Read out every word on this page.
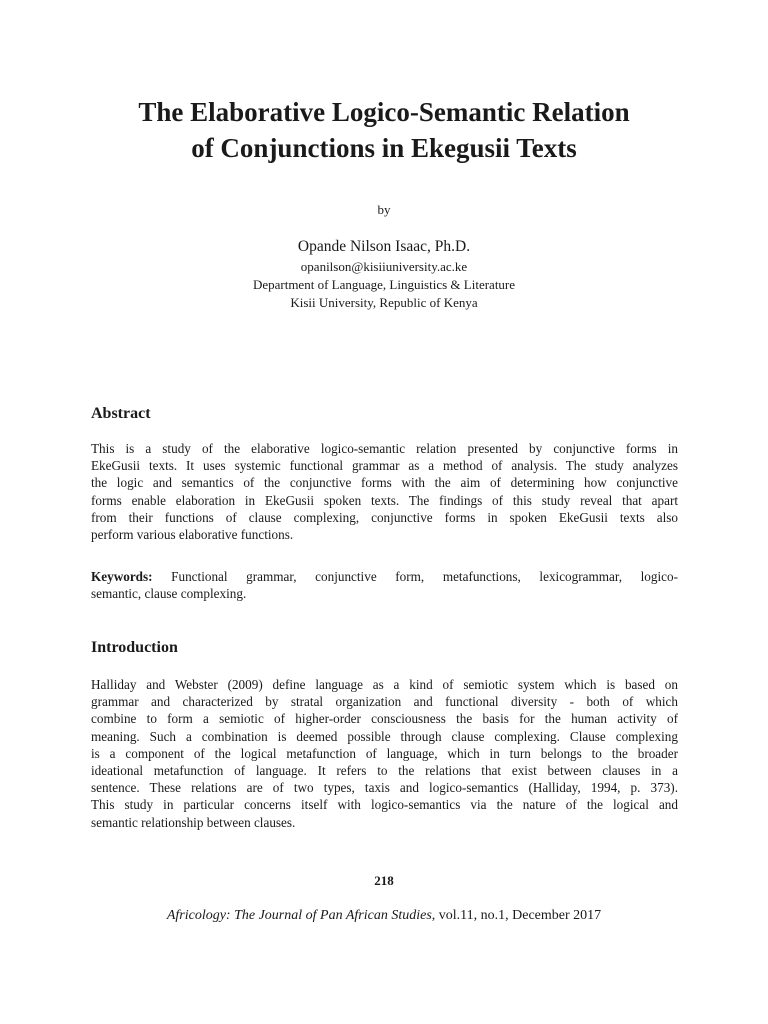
The Elaborative Logico-Semantic Relation
of Conjunctions in Ekegusii Texts
by
Opande Nilson Isaac, Ph.D.
opanilson@kisiiuniversity.ac.ke
Department of Language, Linguistics & Literature
Kisii University, Republic of Kenya
Abstract

This is a study of the elaborative logico-semantic relation presented by conjunctive forms in
EkeGusii texts. It uses systemic functional grammar as a method of analysis. The study analyzes
the logic and semantics of the conjunctive forms with the aim of determining how conjunctive
forms enable elaboration in EkeGusii spoken texts. The findings of this study reveal that apart
from their functions of clause complexing, conjunctive forms in spoken EkeGusii texts also
perform various elaborative functions.

Keywords: Functional grammar, conjunctive form, metafunctions, lexicogrammar, logico-
semantic, clause complexing.

Introduction

Halliday and Webster (2009) define language as a kind of semiotic system which is based on
grammar and characterized by stratal organization and functional diversity - both of which
combine to form a semiotic of higher-order consciousness the basis for the human activity of
meaning. Such a combination is deemed possible through clause complexing. Clause complexing
is a component of the logical metafunction of language, which in turn belongs to the broader
ideational metafunction of language. It refers to the relations that exist between clauses in a
sentence. These relations are of two types, taxis and logico-semantics (Halliday, 1994, p. 373).
This study in particular concerns itself with logico-semantics via the nature of the logical and
semantic relationship between clauses.

218
Africology: The Journal of Pan African Studies, vol.11, no.1, December 2017
